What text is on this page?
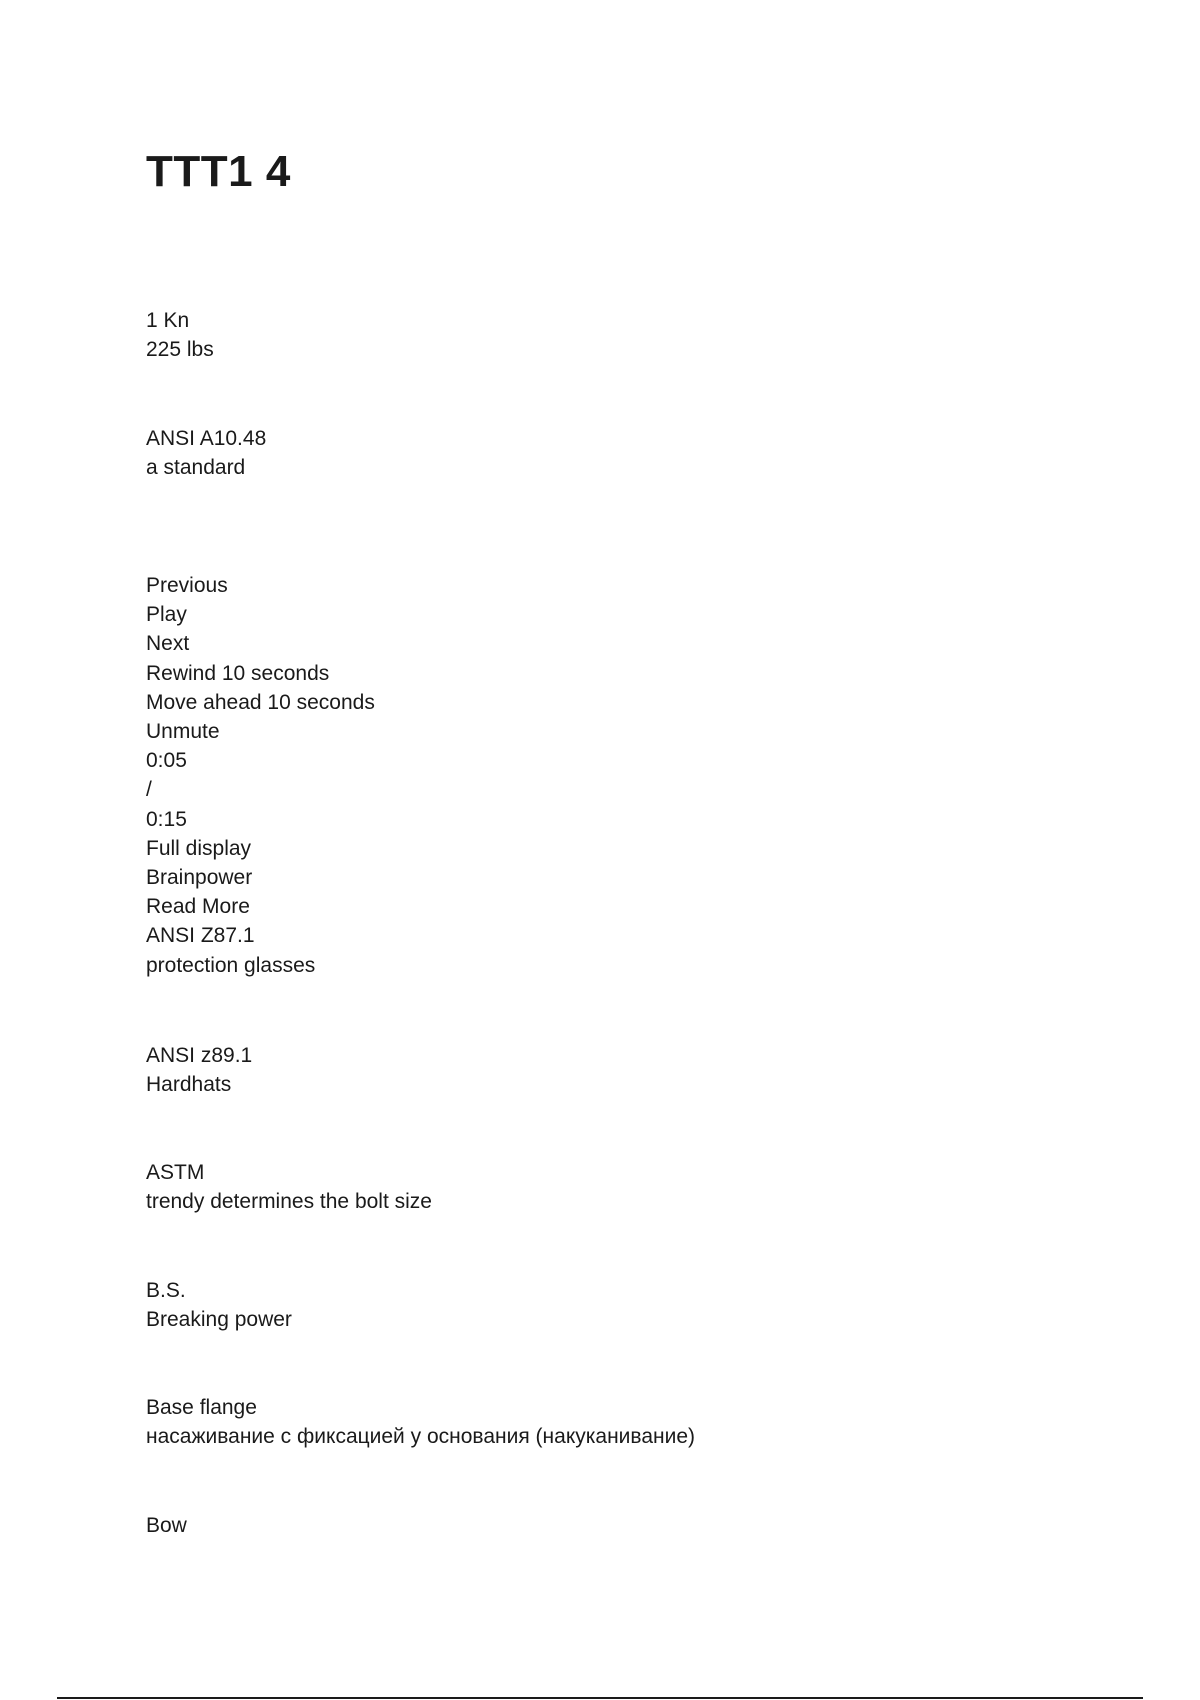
TTT1 4
1 Kn
225 lbs
ANSI A10.48
a standard
Previous
Play
Next
Rewind 10 seconds
Move ahead 10 seconds
Unmute
0:05
/
0:15
Full display
Brainpower
Read More
ANSI Z87.1
protection glasses
ANSI z89.1
Hardhats
ASTM
trendy determines the bolt size
B.S.
Breaking power
Base flange
насаживание с фиксацией у основания (накуканивание)
Bow
